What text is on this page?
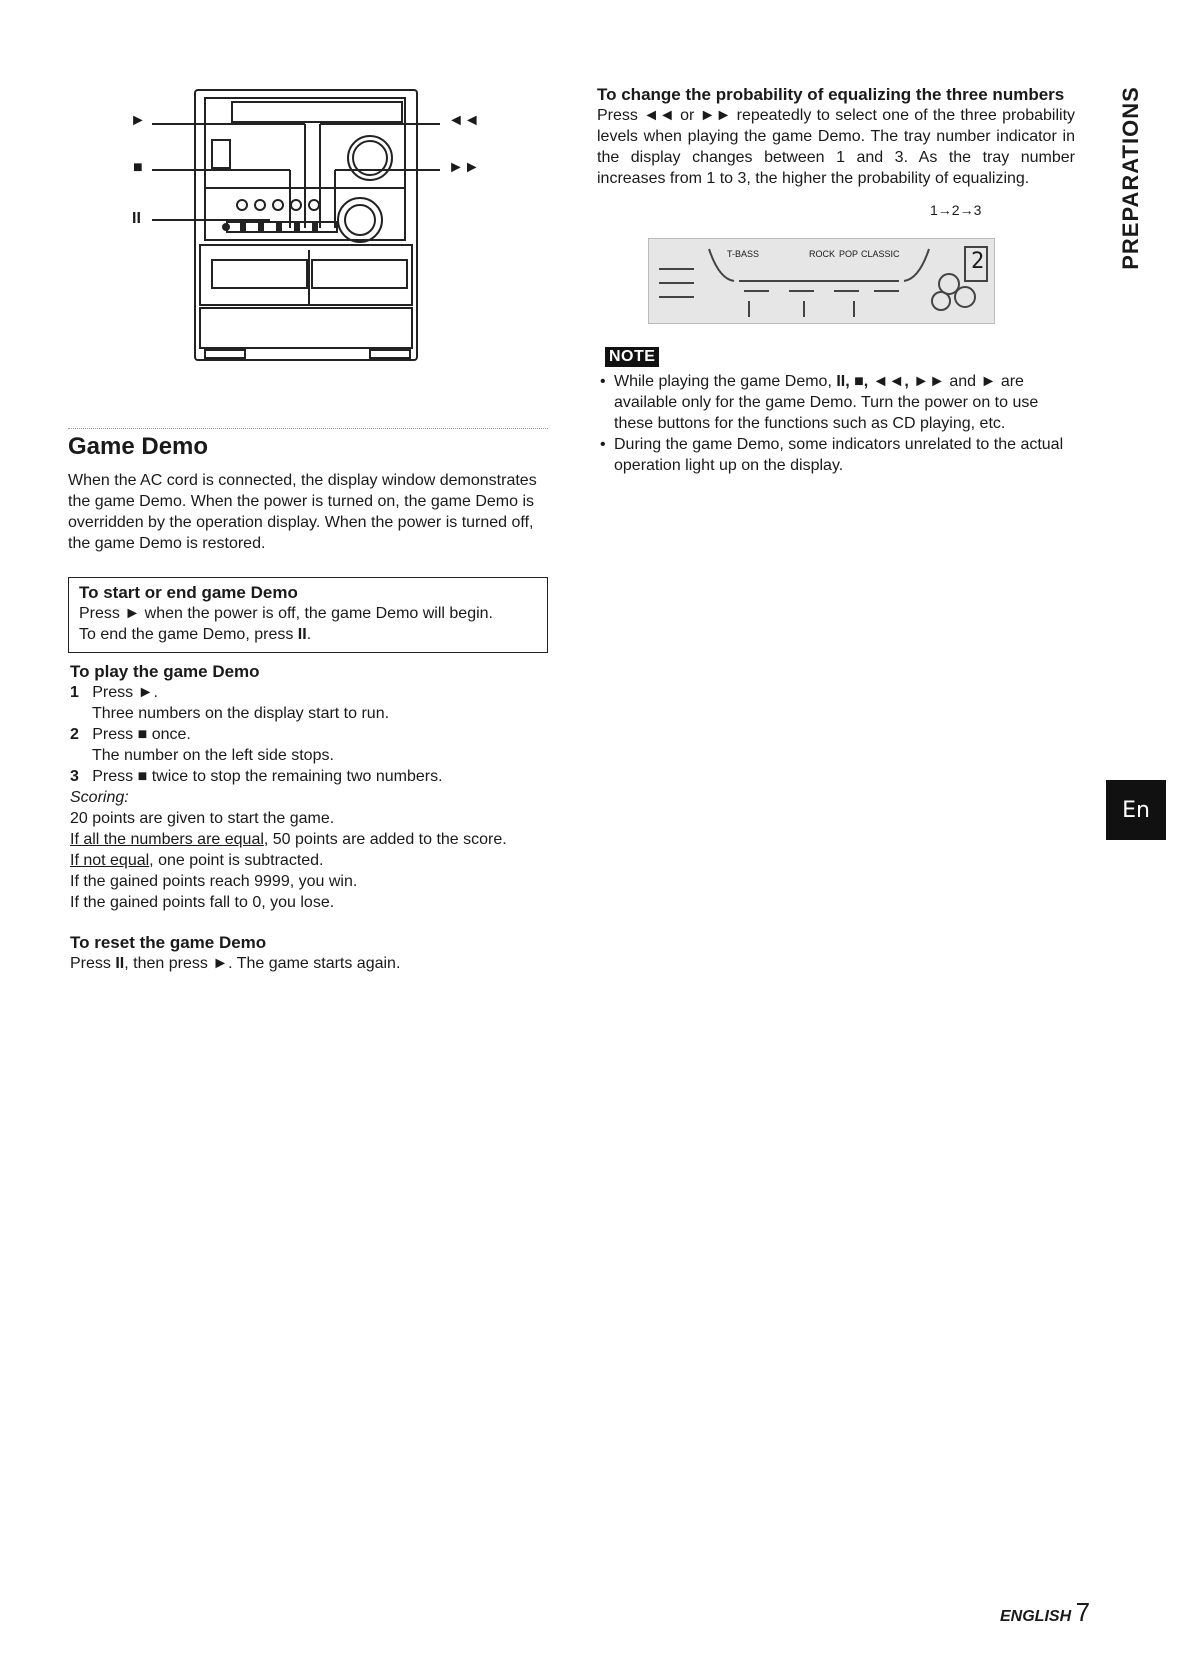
►
■
II
◄◄
►►
Game Demo
When the AC cord is connected, the display window demonstrates the game Demo. When the power is turned on, the game Demo is overridden by the operation display. When the power is turned off, the game Demo is restored.
To start or end game Demo
Press ► when the power is off, the game Demo will begin.
To end the game Demo, press II.
To play the game Demo
1 Press ►.
Three numbers on the display start to run.
2 Press ■ once.
The number on the left side stops.
3 Press ■ twice to stop the remaining two numbers.
Scoring:
20 points are given to start the game.
If all the numbers are equal, 50 points are added to the score.
If not equal, one point is subtracted.
If the gained points reach 9999, you win.
If the gained points fall to 0, you lose.
To reset the game Demo
Press II, then press ►. The game starts again.
To change the probability of equalizing the three numbers
Press ◄◄ or ►► repeatedly to select one of the three probability levels when playing the game Demo. The tray number indicator in the display changes between 1 and 3. As the tray number increases from 1 to 3, the higher the probability of equalizing.
1→2→3
T-BASS	ROCK POP CLASSIC	2
NOTE
• While playing the game Demo, II, ■, ◄◄, ►► and ► are available only for the game Demo. Turn the power on to use these buttons for the functions such as CD playing, etc.
• During the game Demo, some indicators unrelated to the actual operation light up on the display.
PREPARATIONS
En
ENGLISH 7
